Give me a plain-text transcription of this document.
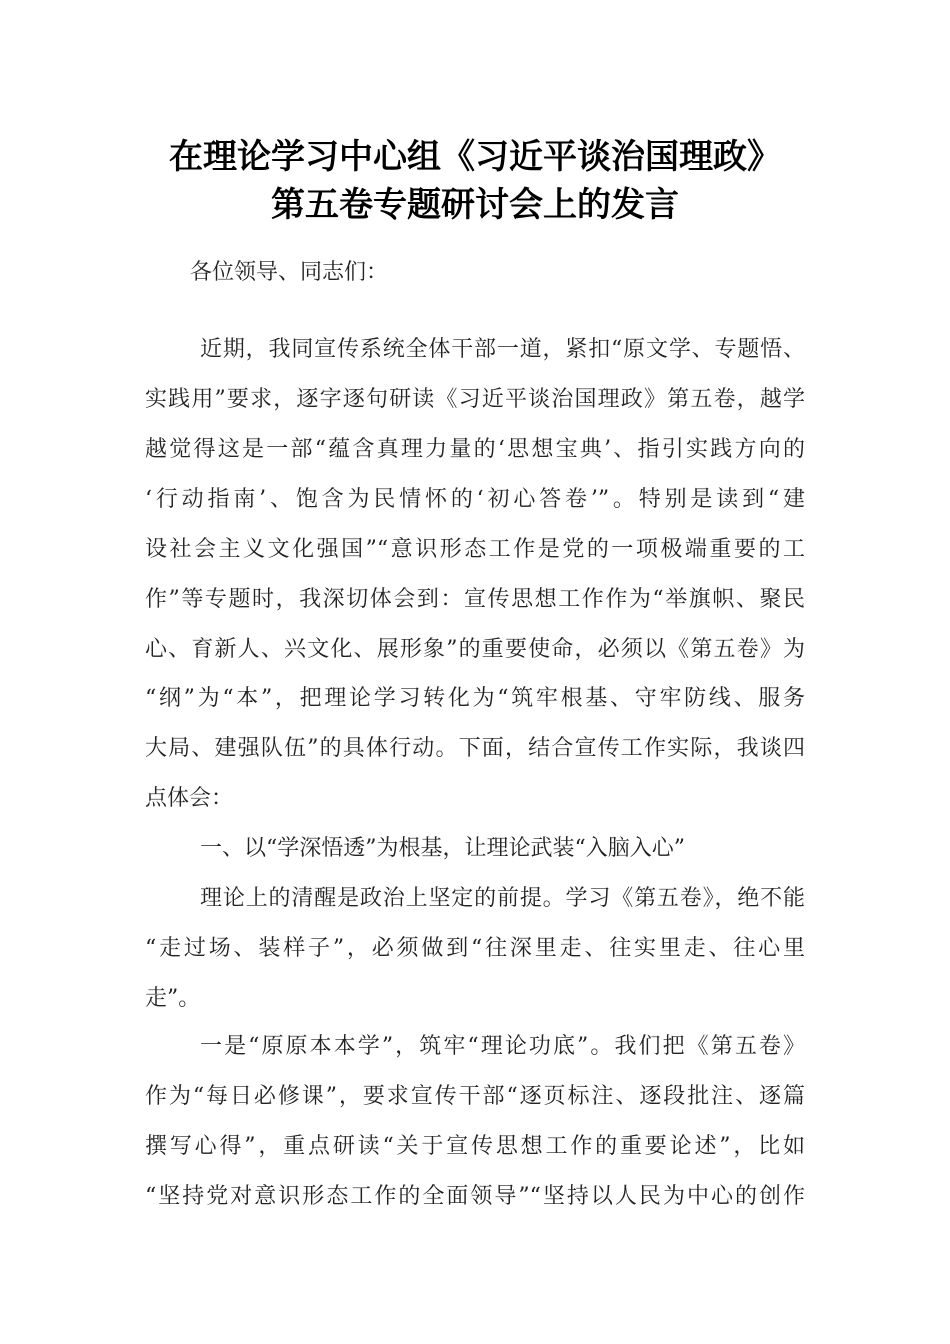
在理论学习中心组《习近平谈治国理政》
第五卷专题研讨会上的发言
各位领导、同志们：
近期，我同宣传系统全体干部一道，紧扣“原文学、专题悟、
实践用”要求，逐字逐句研读《习近平谈治国理政》第五卷，越学
越觉得这是一部“蕴含真理力量的‘思想宝典’、指引实践方向的
‘行动指南’、饱含为民情怀的‘初心答卷’”。特别是读到“建
设社会主义文化强国”“意识形态工作是党的一项极端重要的工
作”等专题时，我深切体会到：宣传思想工作作为“举旗帜、聚民
心、育新人、兴文化、展形象”的重要使命，必须以《第五卷》为
“纲”为“本”，把理论学习转化为“筑牢根基、守牢防线、服务
大局、建强队伍”的具体行动。下面，结合宣传工作实际，我谈四
点体会：
一、以“学深悟透”为根基，让理论武装“入脑入心”
理论上的清醒是政治上坚定的前提。学习《第五卷》，绝不能
“走过场、装样子”，必须做到“往深里走、往实里走、往心里
走”。
一是“原原本本学”，筑牢“理论功底”。我们把《第五卷》
作为“每日必修课”，要求宣传干部“逐页标注、逐段批注、逐篇
撰写心得”，重点研读“关于宣传思想工作的重要论述”，比如
“坚持党对意识形态工作的全面领导”“坚持以人民为中心的创作
